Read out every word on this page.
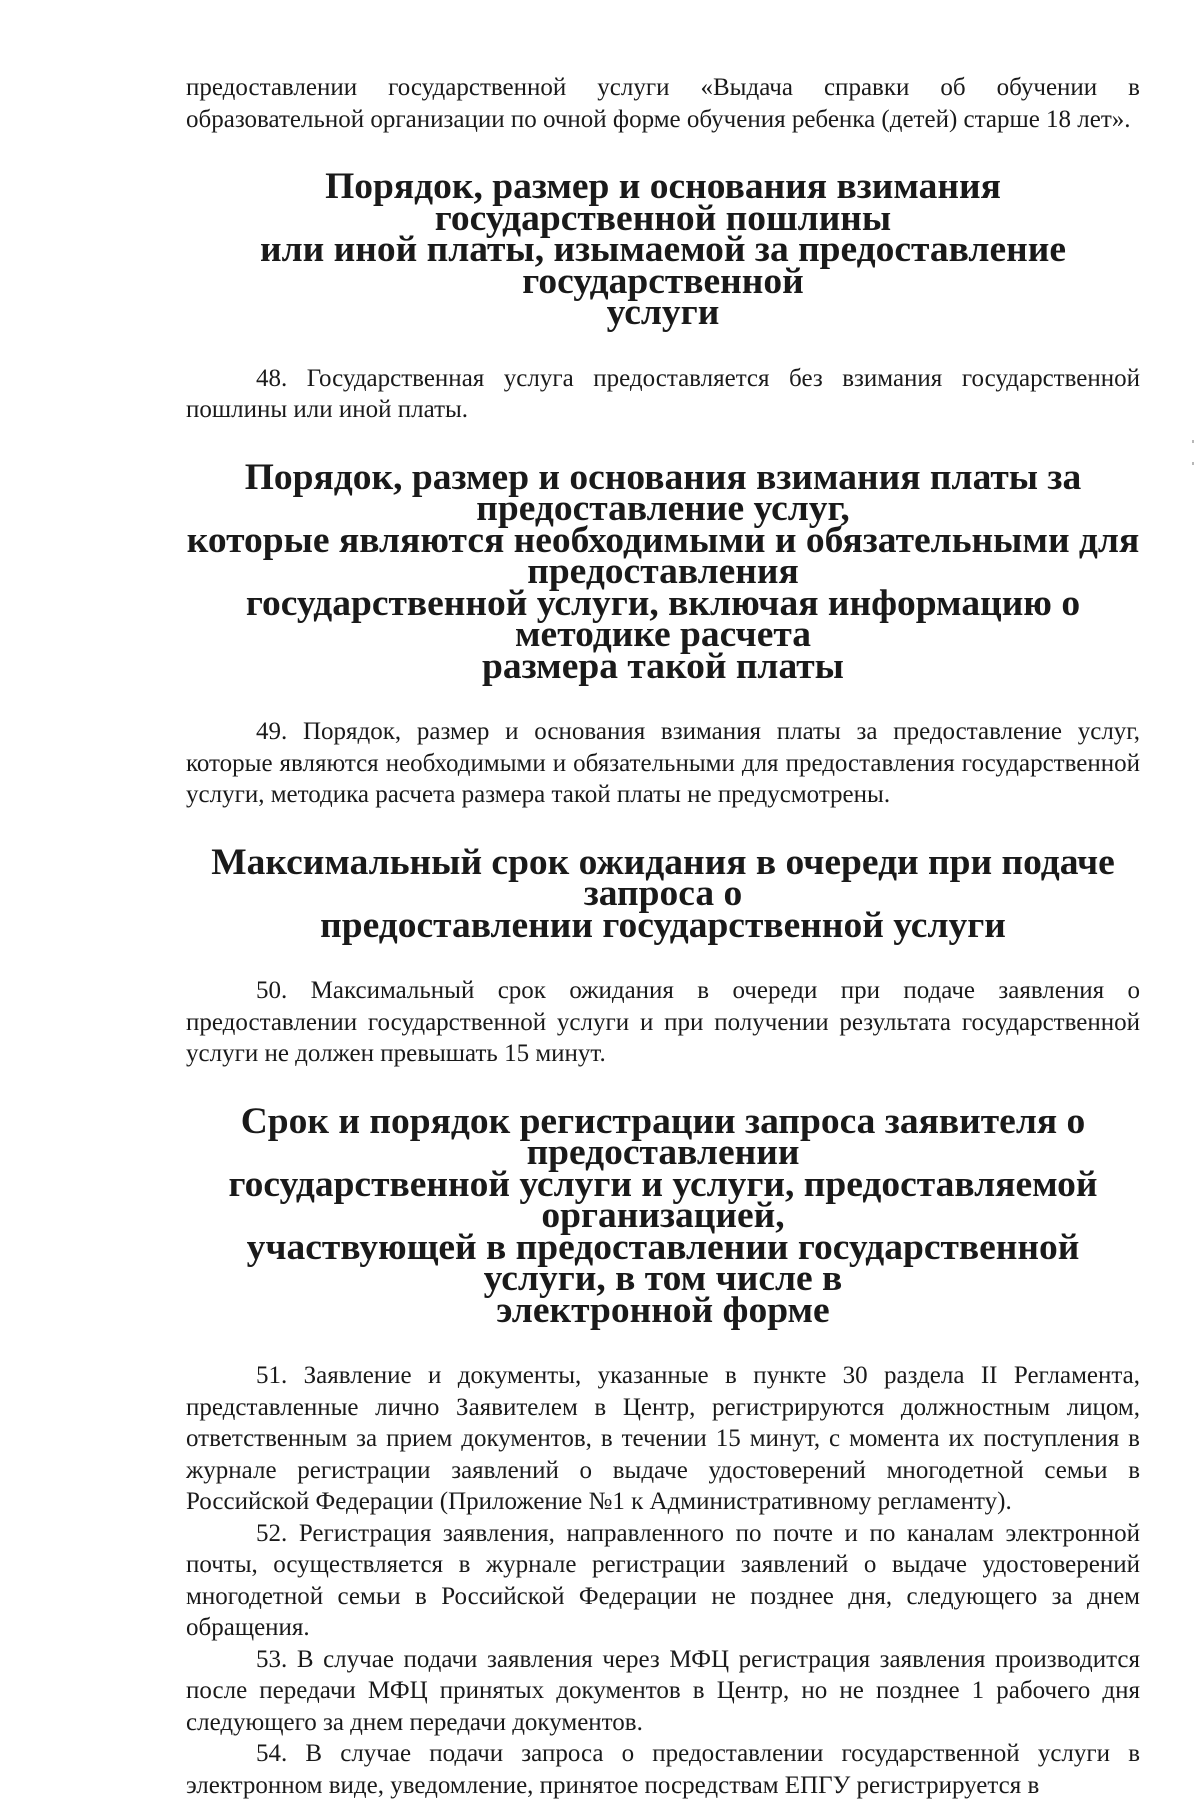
предоставлении государственной услуги «Выдача справки об обучении в образовательной организации по очной форме обучения ребенка (детей) старше 18 лет».

Порядок, размер и основания взимания государственной пошлины
или иной платы, изымаемой за предоставление государственной
услуги

48. Государственная услуга предоставляется без взимания государственной пошлины или иной платы.

Порядок, размер и основания взимания платы за предоставление услуг,
которые являются необходимыми и обязательными для предоставления
государственной услуги, включая информацию о методике расчета
размера такой платы

49. Порядок, размер и основания взимания платы за предоставление услуг, которые являются необходимыми и обязательными для предоставления государственной услуги, методика расчета размера такой платы не предусмотрены.

Максимальный срок ожидания в очереди при подаче запроса о
предоставлении государственной услуги

50. Максимальный срок ожидания в очереди при подаче заявления о предоставлении государственной услуги и при получении результата государственной услуги не должен превышать 15 минут.

Срок и порядок регистрации запроса заявителя о предоставлении
государственной услуги и услуги, предоставляемой организацией,
участвующей в предоставлении государственной услуги, в том числе в
электронной форме

51. Заявление и документы, указанные в пункте 30 раздела II Регламента, представленные лично Заявителем в Центр, регистрируются должностным лицом, ответственным за прием документов, в течении 15 минут, с момента их поступления в журнале регистрации заявлений о выдаче удостоверений многодетной семьи в Российской Федерации (Приложение №1 к Административному регламенту).

52. Регистрация заявления, направленного по почте и по каналам электронной почты, осуществляется в журнале регистрации заявлений о выдаче удостоверений многодетной семьи в Российской Федерации не позднее дня, следующего за днем обращения.

53. В случае подачи заявления через МФЦ регистрация заявления производится после передачи МФЦ принятых документов в Центр, но не позднее 1 рабочего дня следующего за днем передачи документов.

54. В случае подачи запроса о предоставлении государственной услуги в электронном виде, уведомление, принятое посредствам ЕПГУ регистрируется в
